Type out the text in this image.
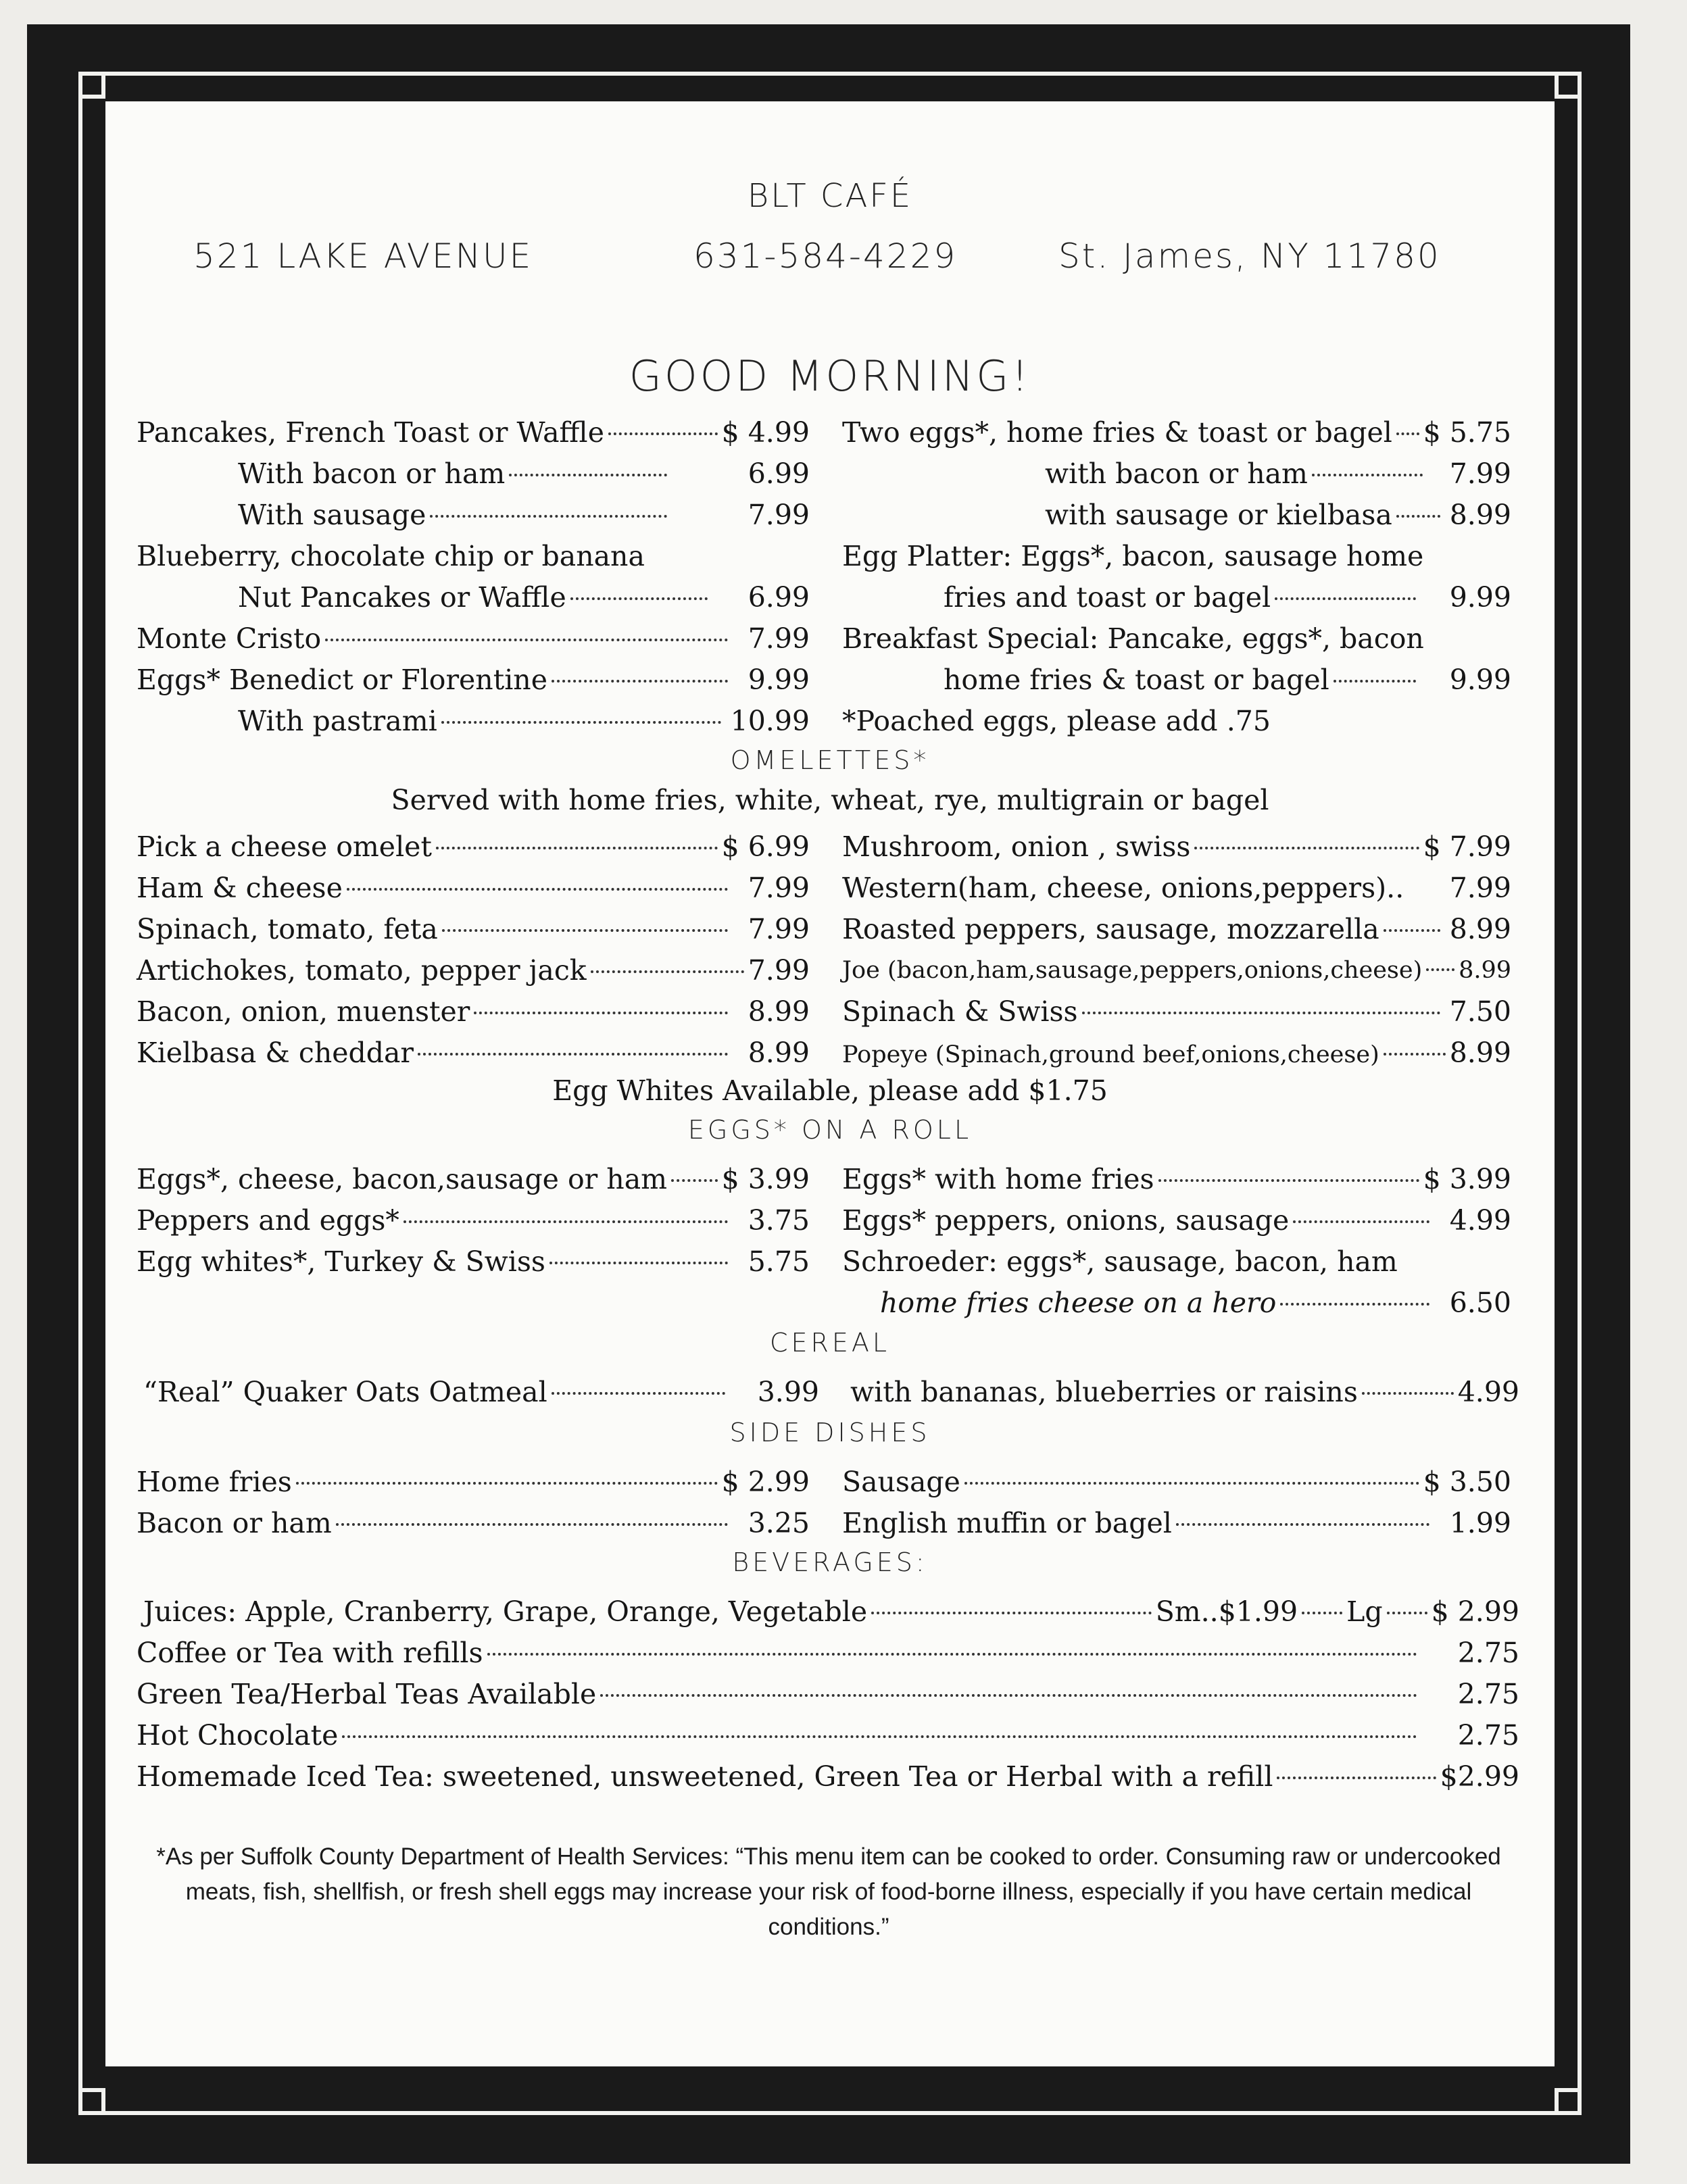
BLT CAFÉ
521 LAKE AVENUE	631-584-4229	St. James, NY 11780
GOOD MORNING!
Pancakes, French Toast or Waffle	$ 4.99
With bacon or ham	6.99
With sausage	7.99
Blueberry, chocolate chip or banana
Nut Pancakes or Waffle	6.99
Monte Cristo	7.99
Eggs* Benedict or Florentine	9.99
With pastrami	10.99
Two eggs*, home fries & toast or bagel $ 5.75
with bacon or ham	7.99
with sausage or kielbasa 8.99
Egg Platter: Eggs*, bacon, sausage home
fries and toast or bagel	9.99
Breakfast Special: Pancake, eggs*, bacon
home fries & toast or bagel	9.99
*Poached eggs, please add .75
OMELETTES*
Served with home fries, white, wheat, rye, multigrain or bagel
Pick a cheese omelet	$ 6.99
Ham & cheese	7.99
Spinach, tomato, feta	7.99
Artichokes, tomato, pepper jack	7.99
Bacon, onion, muenster	8.99
Kielbasa & cheddar	8.99
Mushroom, onion , swiss	$ 7.99
Western(ham, cheese, onions,peppers)..	7.99
Roasted peppers, sausage, mozzarella	8.99
Joe (bacon,ham,sausage,peppers,onions,cheese) 8.99
Spinach & Swiss	7.50
Popeye (Spinach,ground beef,onions,cheese)	8.99
Egg Whites Available, please add $1.75
EGGS* ON A ROLL
Eggs*, cheese, bacon,sausage or ham $ 3.99
Peppers and eggs*	3.75
Egg whites*, Turkey & Swiss	5.75
Eggs* with home fries	$ 3.99
Eggs* peppers, onions, sausage	4.99
Schroeder: eggs*, sausage, bacon, ham
home fries cheese on a hero	6.50
CEREAL
“Real” Quaker Oats Oatmeal	3.99 with bananas, blueberries or raisins	4.99
SIDE DISHES
Home fries	$ 2.99
Bacon or ham	3.25
Sausage	$ 3.50
English muffin or bagel	1.99
BEVERAGES:
Juices: Apple, Cranberry, Grape, Orange, Vegetable	Sm..$1.99 Lg $ 2.99
Coffee or Tea with refills	2.75
Green Tea/Herbal Teas Available	2.75
Hot Chocolate	2.75
Homemade Iced Tea: sweetened, unsweetened, Green Tea or Herbal with a refill	$2.99
*As per Suffolk County Department of Health Services: “This menu item can be cooked to order. Consuming raw or undercooked meats, fish, shellfish, or fresh shell eggs may increase your risk of food-borne illness, especially if you have certain medical conditions.”
